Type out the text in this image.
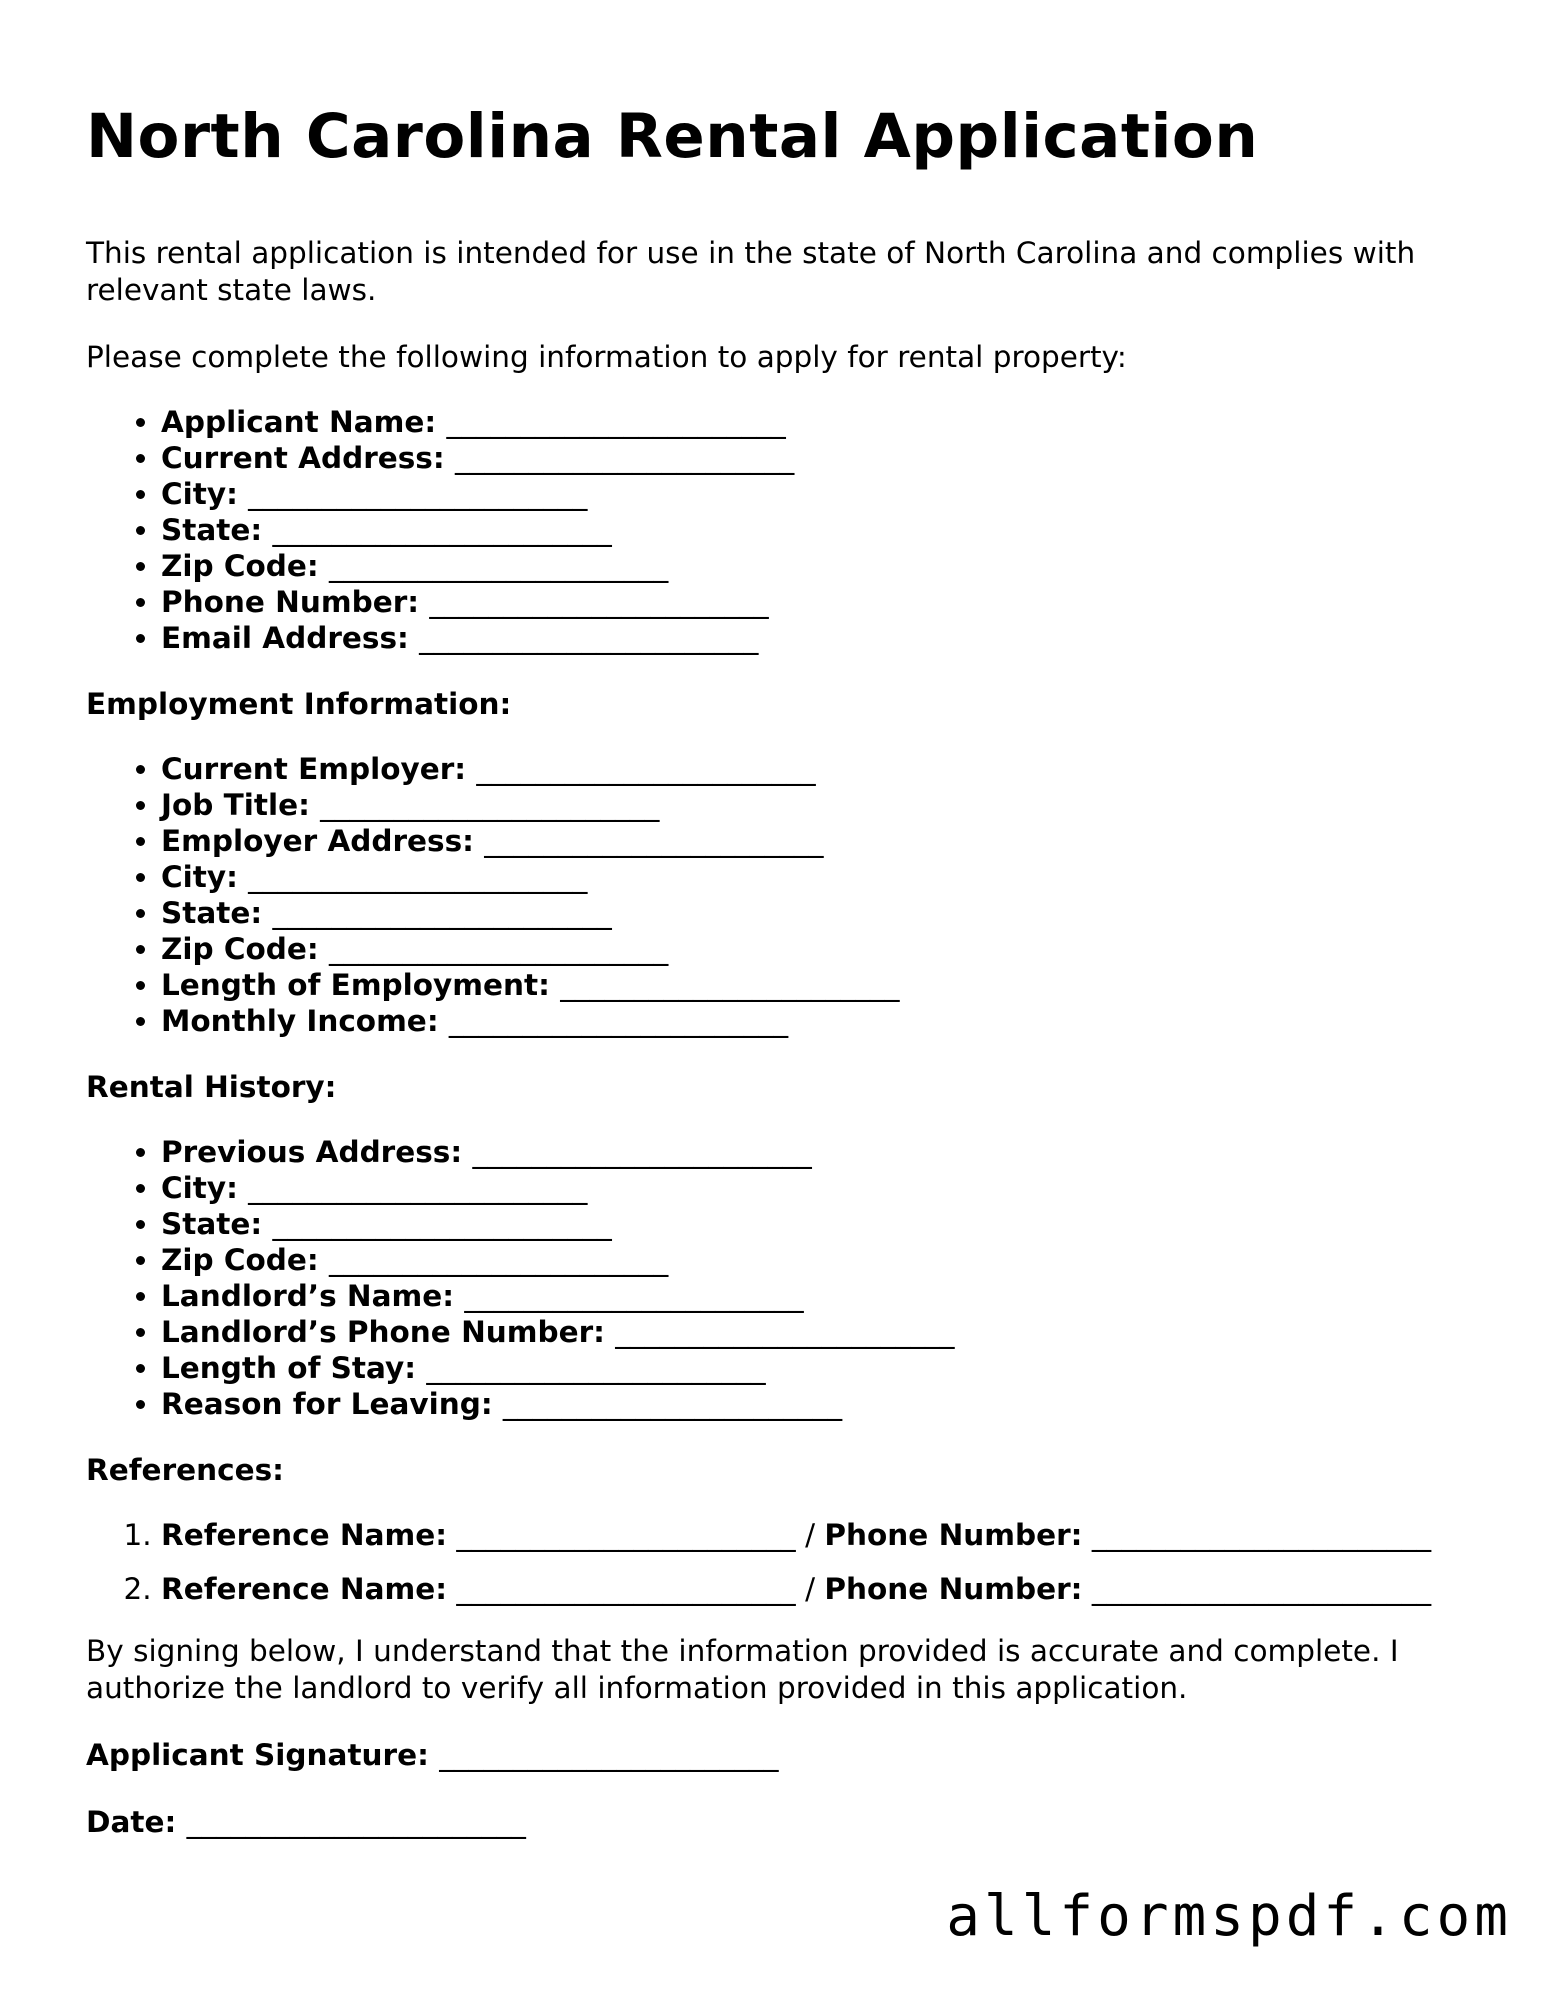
North Carolina Rental Application

This rental application is intended for use in the state of North Carolina and complies with relevant state laws.

Please complete the following information to apply for rental property:

• Applicant Name: _______________________
• Current Address: _______________________
• City: _______________________
• State: _______________________
• Zip Code: _______________________
• Phone Number: _______________________
• Email Address: _______________________
Employment Information:
• Current Employer: _______________________
• Job Title: _______________________
• Employer Address: _______________________
• City: _______________________
• State: _______________________
• Zip Code: _______________________
• Length of Employment: _______________________
• Monthly Income: _______________________
Rental History:
• Previous Address: _______________________
• City: _______________________
• State: _______________________
• Zip Code: _______________________
• Landlord’s Name: _______________________
• Landlord’s Phone Number: _______________________
• Length of Stay: _______________________
• Reason for Leaving: _______________________
References:
1. Reference Name: _______________________ / Phone Number: _______________________
2. Reference Name: _______________________ / Phone Number: _______________________

By signing below, I understand that the information provided is accurate and complete. I authorize the landlord to verify all information provided in this application.

Applicant Signature: _______________________
Date: _______________________
allformspdf.com
